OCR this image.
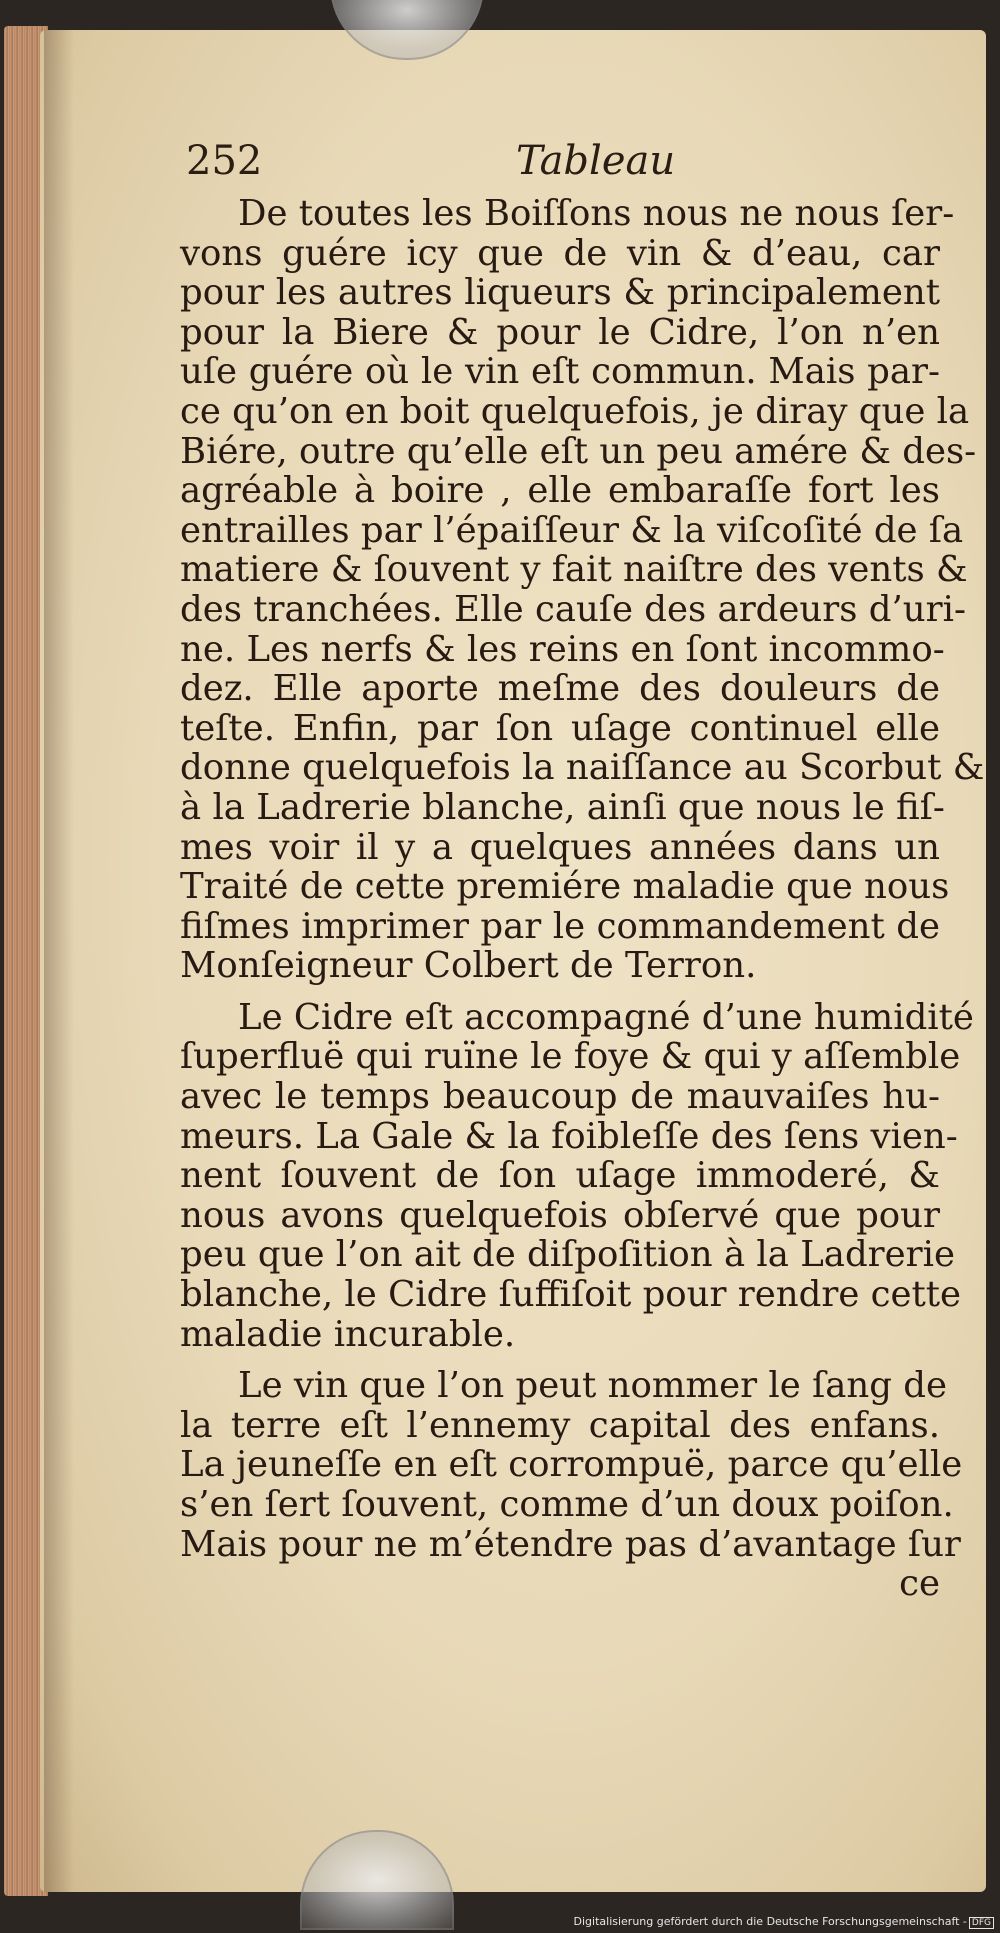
252	Tableau
De toutes les Boiſſons nous ne nous ſer-
vons guére icy que de vin & d’eau, car
pour les autres liqueurs & principalement
pour la Biere & pour le Cidre, l’on n’en
uſe guére où le vin eſt commun. Mais par-
ce qu’on en boit quelquefois, je diray que la
Biére, outre qu’elle eſt un peu amére & des-
agréable à boire , elle embaraſſe fort les
entrailles par l’épaiſſeur & la viſcoſité de ſa
matiere & ſouvent y fait naiſtre des vents &
des tranchées. Elle cauſe des ardeurs d’uri-
ne. Les nerfs & les reins en ſont incommo-
dez. Elle aporte meſme des douleurs de
teſte. Enfin, par ſon uſage continuel elle
donne quelquefois la naiſſance au Scorbut &
à la Ladrerie blanche, ainſi que nous le fiſ-
mes voir il y a quelques années dans un
Traité de cette premiére maladie que nous
fiſmes imprimer par le commandement de
Monſeigneur Colbert de Terron.
Le Cidre eſt accompagné d’une humidité
ſuperfluë qui ruïne le foye & qui y aſſemble
avec le temps beaucoup de mauvaiſes hu-
meurs. La Gale & la foibleſſe des ſens vien-
nent ſouvent de ſon uſage immoderé, &
nous avons quelquefois obſervé que pour
peu que l’on ait de diſpoſition à la Ladrerie
blanche, le Cidre ſuffiſoit pour rendre cette
maladie incurable.
Le vin que l’on peut nommer le ſang de
la terre eſt l’ennemy capital des enfans.
La jeuneſſe en eſt corrompuë, parce qu’elle
s’en ſert ſouvent, comme d’un doux poiſon.
Mais pour ne m’étendre pas d’avantage ſur
ce
Digitalisierung gefördert durch die Deutsche Forschungsgemeinschaft - DFG
